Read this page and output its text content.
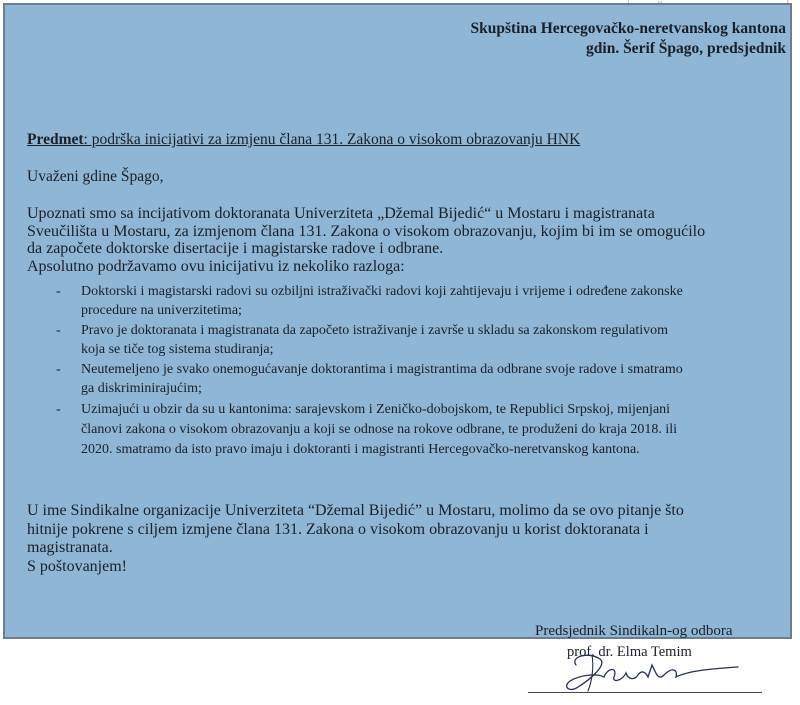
Skupština Hercegovačko-neretvanskog kantona
gdin. Šerif Špago, predsjednik
Predmet: podrška inicijativi za izmjenu člana 131. Zakona o visokom obrazovanju HNK
Uvaženi gdine Špago,
Upoznati smo sa incijativom doktoranata Univerziteta „Džemal Bijedić“ u Mostaru i magistranata
Sveučilišta u Mostaru, za izmjenom člana 131. Zakona o visokom obrazovanju, kojim bi im se omogućilo
da započete doktorske disertacije i magistarske radove i odbrane.
Apsolutno podržavamo ovu inicijativu iz nekoliko razloga:
- Doktorski i magistarski radovi su ozbiljni istraživački radovi koji zahtijevaju i vrijeme i određene zakonske
procedure na univerzitetima;
- Pravo je doktoranata i magistranata da započeto istraživanje i završe u skladu sa zakonskom regulativom
koja se tiče tog sistema studiranja;
- Neutemeljeno je svako onemogućavanje doktorantima i magistrantima da odbrane svoje radove i smatramo
ga diskriminirajućim;
- Uzimajući u obzir da su u kantonima: sarajevskom i Zeničko-dobojskom, te Republici Srpskoj, mijenjani
članovi zakona o visokom obrazovanju a koji se odnose na rokove odbrane, te produženi do kraja 2018. ili
2020. smatramo da isto pravo imaju i doktoranti i magistranti Hercegovačko-neretvanskog kantona.
U ime Sindikalne organizacije Univerziteta “Džemal Bijedić” u Mostaru, molimo da se ovo pitanje što
hitnije pokrene s ciljem izmjene člana 131. Zakona o visokom obrazovanju u korist doktoranata i
magistranata.
S poštovanjem!
Predsjednik Sindikaln-og odbora
prof. dr. Elma Temim
